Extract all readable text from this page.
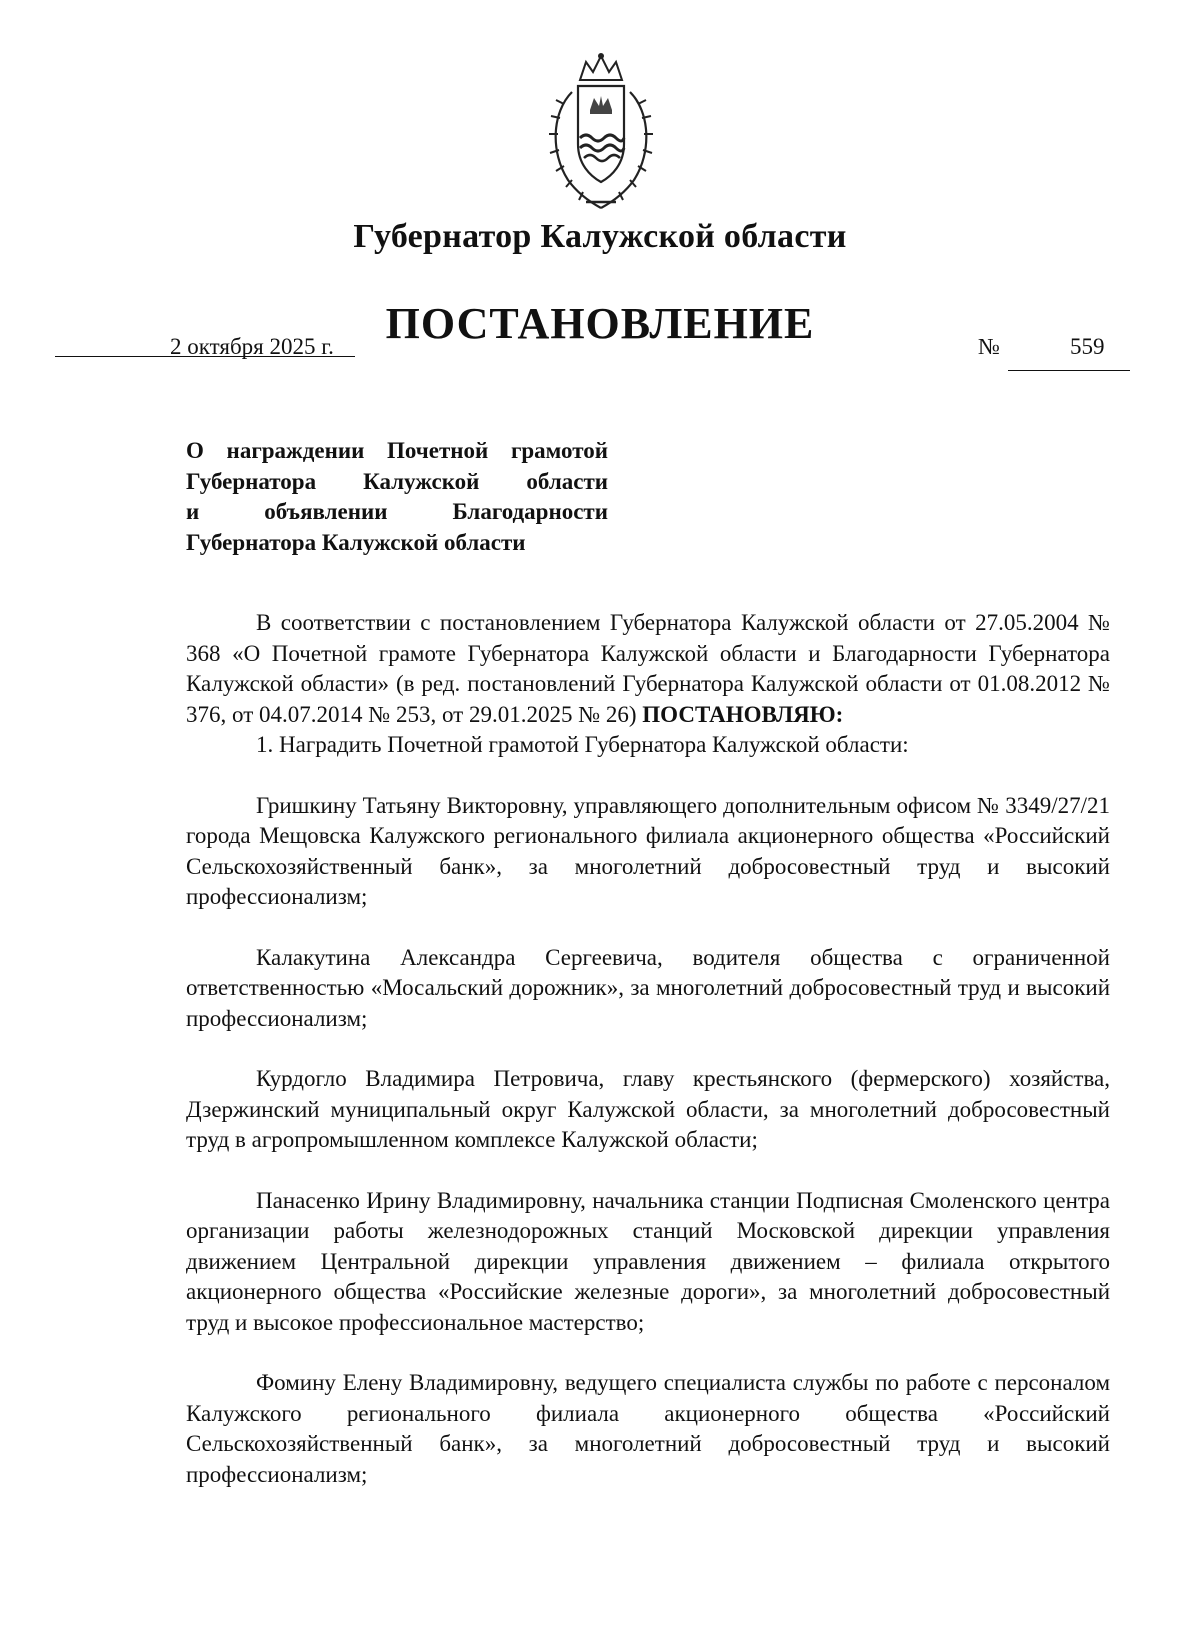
Губернатор Калужской области
ПОСТАНОВЛЕНИЕ
2 октября 2025 г.	№	559
О награждении Почетной грамотой
Губернатора Калужской области
и объявлении Благодарности
Губернатора Калужской области

В соответствии с постановлением Губернатора Калужской области от 27.05.2004 № 368 «О Почетной грамоте Губернатора Калужской области и Благодарности Губернатора Калужской области» (в ред. постановлений Губернатора Калужской области от 01.08.2012 № 376, от 04.07.2014 № 253, от 29.01.2025 № 26) ПОСТАНОВЛЯЮ:

1. Наградить Почетной грамотой Губернатора Калужской области:

Гришкину Татьяну Викторовну, управляющего дополнительным офисом № 3349/27/21 города Мещовска Калужского регионального филиала акционерного общества «Российский Сельскохозяйственный банк», за многолетний добросовестный труд и высокий профессионализм;

Калакутина Александра Сергеевича, водителя общества с ограниченной ответственностью «Мосальский дорожник», за многолетний добросовестный труд и высокий профессионализм;

Курдогло Владимира Петровича, главу крестьянского (фермерского) хозяйства, Дзержинский муниципальный округ Калужской области, за многолетний добросовестный труд в агропромышленном комплексе Калужской области;

Панасенко Ирину Владимировну, начальника станции Подписная Смоленского центра организации работы железнодорожных станций Московской дирекции управления движением Центральной дирекции управления движением – филиала открытого акционерного общества «Российские железные дороги», за многолетний добросовестный труд и высокое профессиональное мастерство;

Фомину Елену Владимировну, ведущего специалиста службы по работе с персоналом Калужского регионального филиала акционерного общества «Российский Сельскохозяйственный банк», за многолетний добросовестный труд и высокий профессионализм;
